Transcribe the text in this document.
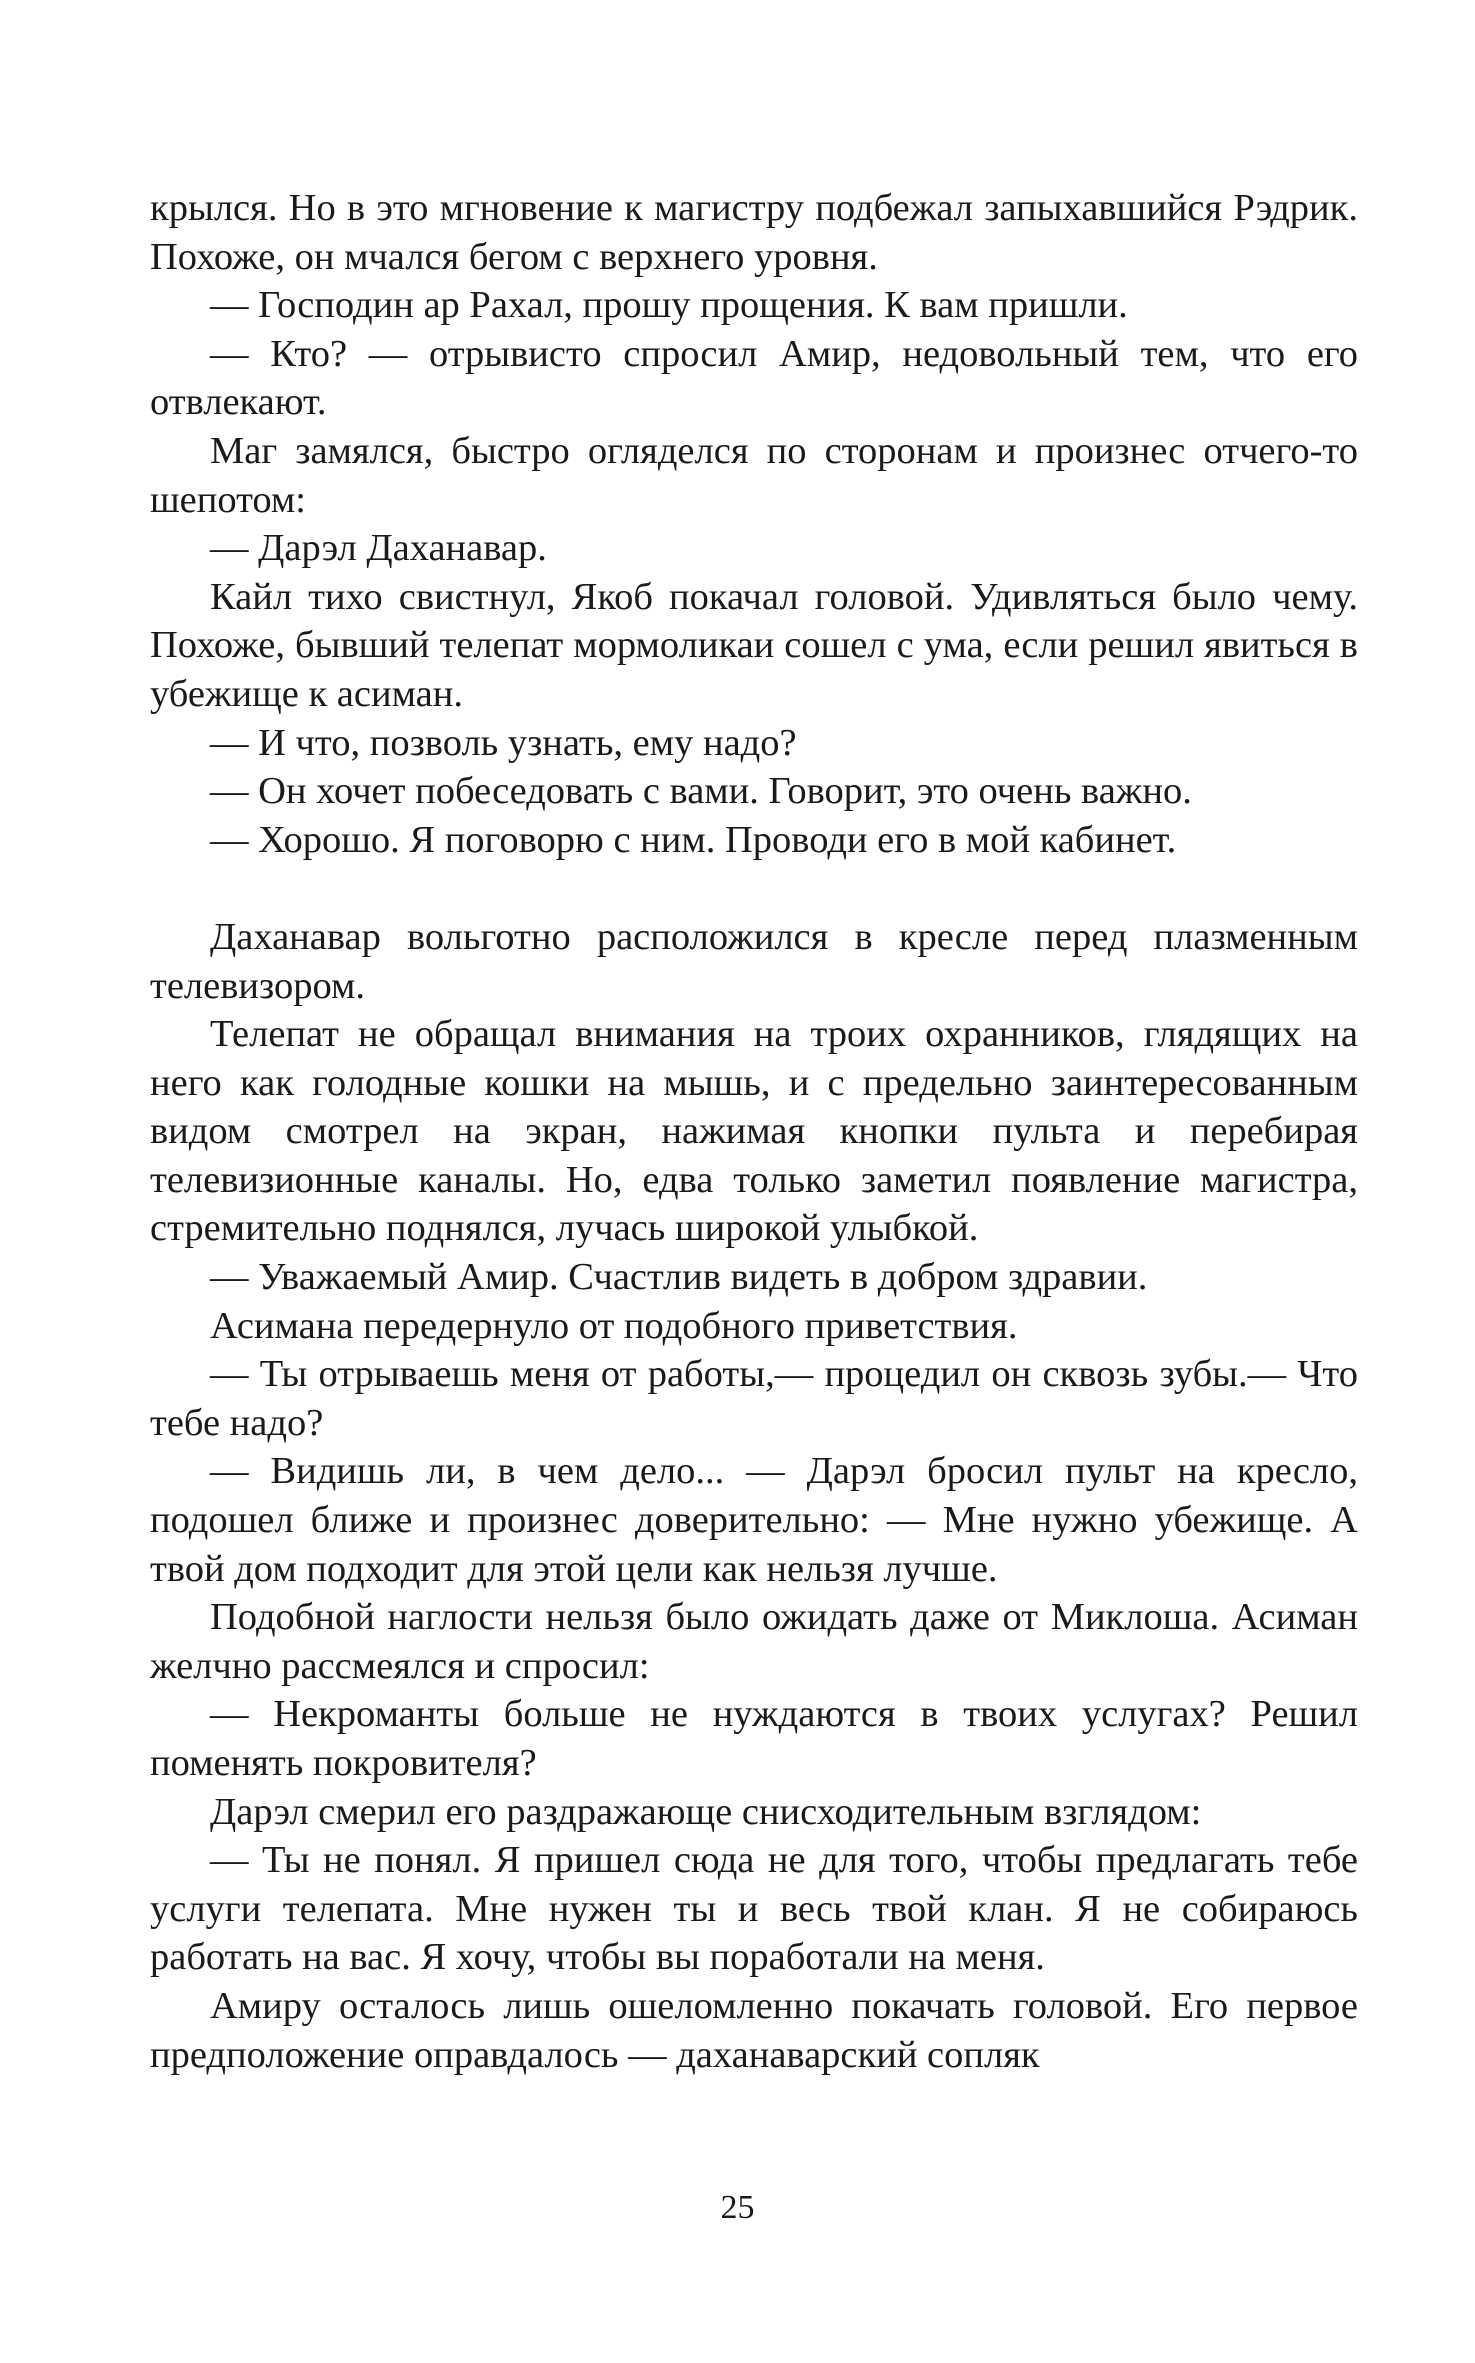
крылся. Но в это мгновение к магистру подбежал запыхавшийся Рэдрик. Похоже, он мчался бегом с верхнего уровня.

— Господин ар Рахал, прошу прощения. К вам пришли.

— Кто? — отрывисто спросил Амир, недовольный тем, что его отвлекают.

Маг замялся, быстро огляделся по сторонам и произнес отчего-то шепотом:

— Дарэл Даханавар.

Кайл тихо свистнул, Якоб покачал головой. Удивляться было чему. Похоже, бывший телепат мормоликаи сошел с ума, если решил явиться в убежище к асиман.

— И что, позволь узнать, ему надо?

— Он хочет побеседовать с вами. Говорит, это очень важно.

— Хорошо. Я поговорю с ним. Проводи его в мой кабинет.

Даханавар вольготно расположился в кресле перед плазменным телевизором.

Телепат не обращал внимания на троих охранников, глядящих на него как голодные кошки на мышь, и с предельно заинтересованным видом смотрел на экран, нажимая кнопки пульта и перебирая телевизионные каналы. Но, едва только заметил появление магистра, стремительно поднялся, лучась широкой улыбкой.

— Уважаемый Амир. Счастлив видеть в добром здравии.

Асимана передернуло от подобного приветствия.

— Ты отрываешь меня от работы,— процедил он сквозь зубы.— Что тебе надо?

— Видишь ли, в чем дело... — Дарэл бросил пульт на кресло, подошел ближе и произнес доверительно: — Мне нужно убежище. А твой дом подходит для этой цели как нельзя лучше.

Подобной наглости нельзя было ожидать даже от Миклоша. Асиман желчно рассмеялся и спросил:

— Некроманты больше не нуждаются в твоих услугах? Решил поменять покровителя?

Дарэл смерил его раздражающе снисходительным взглядом:

— Ты не понял. Я пришел сюда не для того, чтобы предлагать тебе услуги телепата. Мне нужен ты и весь твой клан. Я не собираюсь работать на вас. Я хочу, чтобы вы поработали на меня.

Амиру осталось лишь ошеломленно покачать головой. Его первое предположение оправдалось — даханаварский сопляк

25
